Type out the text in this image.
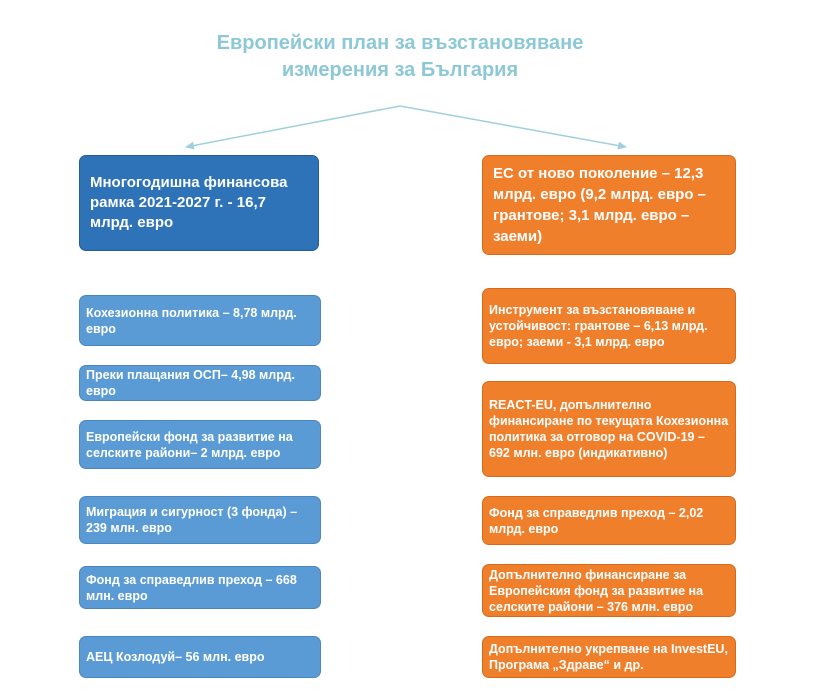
Европейски план за възстановяване
измерения за България
Многогодишна финансова рамка 2021-2027 г. - 16,7 млрд. евро
Кохезионна политика – 8,78 млрд. евро
Преки плащания ОСП– 4,98 млрд. евро
Европейски фонд за развитие на селските райони– 2 млрд. евро
Миграция и сигурност (3 фонда) – 239 млн. евро
Фонд за справедлив преход – 668 млн. евро
АЕЦ Козлодуй– 56 млн. евро
ЕС от ново поколение – 12,3 млрд. евро (9,2 млрд. евро – грантове; 3,1 млрд. евро – заеми)
Инструмент за възстановяване и устойчивост: грантове – 6,13 млрд. евро; заеми - 3,1 млрд. евро
REACT-EU, допълнително финансиране по текущата Кохезионна политика за отговор на COVID-19 – 692 млн. евро (индикативно)
Фонд за справедлив преход – 2,02 млрд. евро
Допълнително финансиране за Европейския фонд за развитие на селските райони – 376 млн. евро
Допълнително укрепване на InvestEU, Програма „Здраве“ и др.
